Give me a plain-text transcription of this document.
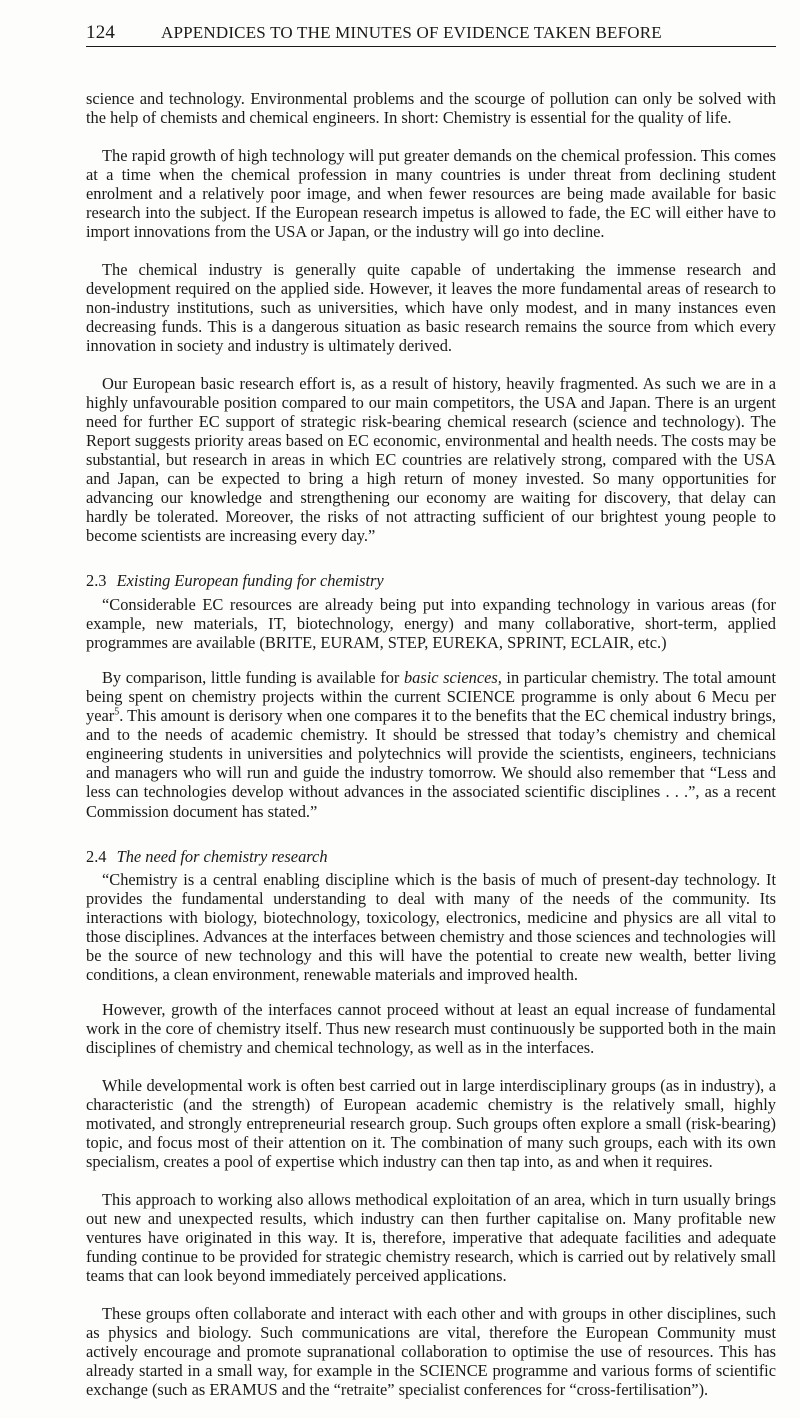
124	APPENDICES TO THE MINUTES OF EVIDENCE TAKEN BEFORE

science and technology. Environmental problems and the scourge of pollution can only be solved with the help of chemists and chemical engineers. In short: Chemistry is essential for the quality of life.

The rapid growth of high technology will put greater demands on the chemical profession. This comes at a time when the chemical profession in many countries is under threat from declining student enrolment and a relatively poor image, and when fewer resources are being made available for basic research into the subject. If the European research impetus is allowed to fade, the EC will either have to import innovations from the USA or Japan, or the industry will go into decline.

The chemical industry is generally quite capable of undertaking the immense research and development required on the applied side. However, it leaves the more fundamental areas of research to non-industry institutions, such as universities, which have only modest, and in many instances even decreasing funds. This is a dangerous situation as basic research remains the source from which every innovation in society and industry is ultimately derived.

Our European basic research effort is, as a result of history, heavily fragmented. As such we are in a highly unfavourable position compared to our main competitors, the USA and Japan. There is an urgent need for further EC support of strategic risk-bearing chemical research (science and technology). The Report suggests priority areas based on EC economic, environmental and health needs. The costs may be substantial, but research in areas in which EC countries are relatively strong, compared with the USA and Japan, can be expected to bring a high return of money invested. So many opportunities for advancing our knowledge and strengthening our economy are waiting for discovery, that delay can hardly be tolerated. Moreover, the risks of not attracting sufficient of our brightest young people to become scientists are increasing every day.”

2.3 Existing European funding for chemistry

“Considerable EC resources are already being put into expanding technology in various areas (for example, new materials, IT, biotechnology, energy) and many collaborative, short-term, applied programmes are available (BRITE, EURAM, STEP, EUREKA, SPRINT, ECLAIR, etc.)

By comparison, little funding is available for basic sciences, in particular chemistry. The total amount being spent on chemistry projects within the current SCIENCE programme is only about 6 Mecu per year$^5$. This amount is derisory when one compares it to the benefits that the EC chemical industry brings, and to the needs of academic chemistry. It should be stressed that today’s chemistry and chemical engineering students in universities and polytechnics will provide the scientists, engineers, technicians and managers who will run and guide the industry tomorrow. We should also remember that “Less and less can technologies develop without advances in the associated scientific disciplines . . .”, as a recent Commission document has stated.”

2.4 The need for chemistry research

“Chemistry is a central enabling discipline which is the basis of much of present-day technology. It provides the fundamental understanding to deal with many of the needs of the community. Its interactions with biology, biotechnology, toxicology, electronics, medicine and physics are all vital to those disciplines. Advances at the interfaces between chemistry and those sciences and technologies will be the source of new technology and this will have the potential to create new wealth, better living conditions, a clean environment, renewable materials and improved health.

However, growth of the interfaces cannot proceed without at least an equal increase of fundamental work in the core of chemistry itself. Thus new research must continuously be supported both in the main disciplines of chemistry and chemical technology, as well as in the interfaces.

While developmental work is often best carried out in large interdisciplinary groups (as in industry), a characteristic (and the strength) of European academic chemistry is the relatively small, highly motivated, and strongly entrepreneurial research group. Such groups often explore a small (risk-bearing) topic, and focus most of their attention on it. The combination of many such groups, each with its own specialism, creates a pool of expertise which industry can then tap into, as and when it requires.

This approach to working also allows methodical exploitation of an area, which in turn usually brings out new and unexpected results, which industry can then further capitalise on. Many profitable new ventures have originated in this way. It is, therefore, imperative that adequate facilities and adequate funding continue to be provided for strategic chemistry research, which is carried out by relatively small teams that can look beyond immediately perceived applications.

These groups often collaborate and interact with each other and with groups in other disciplines, such as physics and biology. Such communications are vital, therefore the European Community must actively encourage and promote supranational collaboration to optimise the use of resources. This has already started in a small way, for example in the SCIENCE programme and various forms of scientific exchange (such as ERAMUS and the “retraite” specialist conferences for “cross-fertilisation”).
